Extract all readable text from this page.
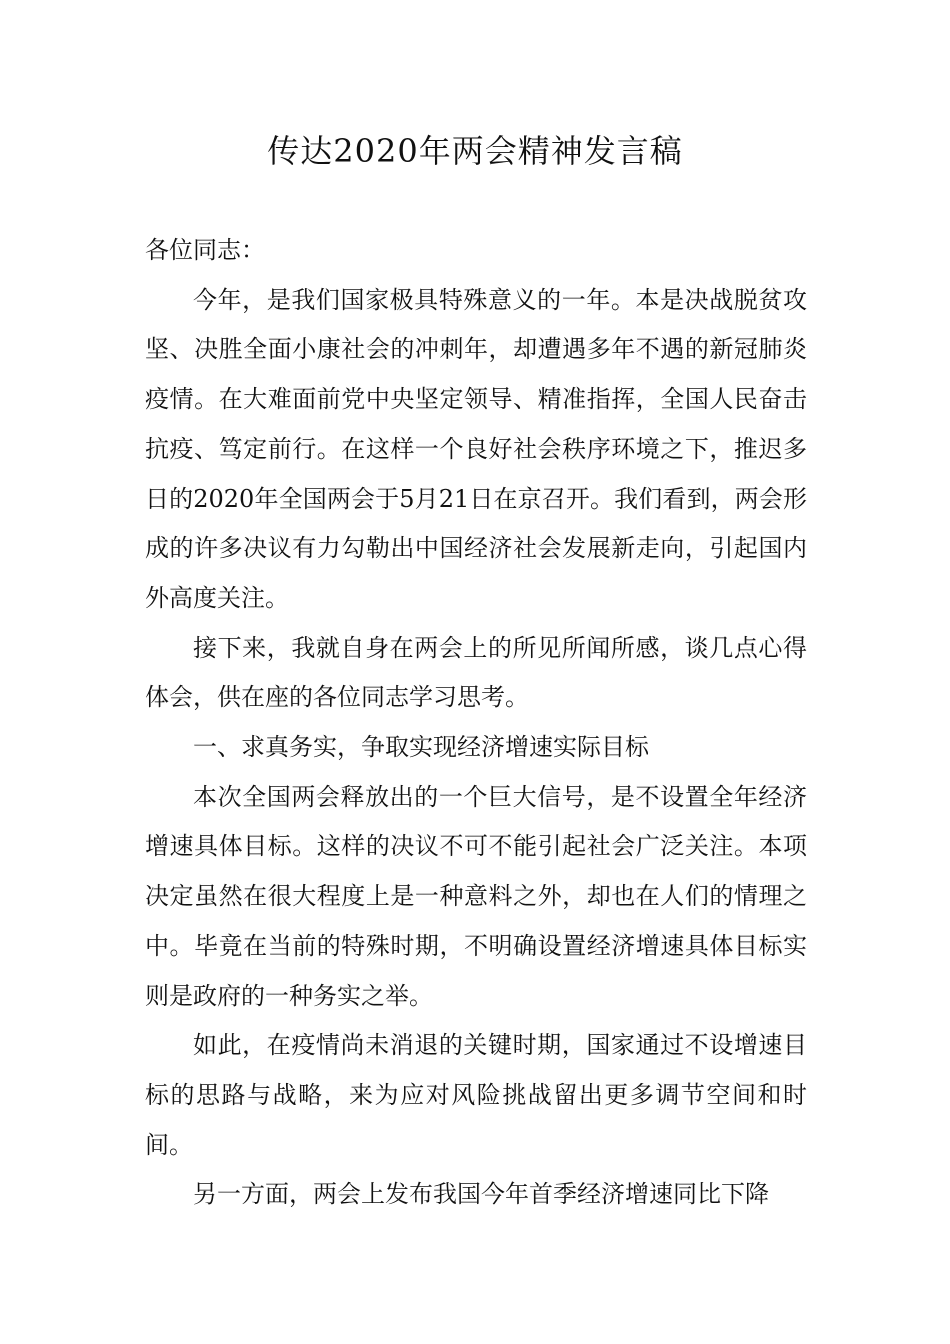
传达2020年两会精神发言稿

各位同志：

今年，是我们国家极具特殊意义的一年。本是决战脱贫攻坚、决胜全面小康社会的冲刺年，却遭遇多年不遇的新冠肺炎疫情。在大难面前党中央坚定领导、精准指挥，全国人民奋击抗疫、笃定前行。在这样一个良好社会秩序环境之下，推迟多日的2020年全国两会于5月21日在京召开。我们看到，两会形成的许多决议有力勾勒出中国经济社会发展新走向，引起国内外高度关注。

接下来，我就自身在两会上的所见所闻所感，谈几点心得体会，供在座的各位同志学习思考。

一、求真务实，争取实现经济增速实际目标

本次全国两会释放出的一个巨大信号，是不设置全年经济增速具体目标。这样的决议不可不能引起社会广泛关注。本项决定虽然在很大程度上是一种意料之外，却也在人们的情理之中。毕竟在当前的特殊时期，不明确设置经济增速具体目标实则是政府的一种务实之举。

如此，在疫情尚未消退的关键时期，国家通过不设增速目标的思路与战略，来为应对风险挑战留出更多调节空间和时间。

另一方面，两会上发布我国今年首季经济增速同比下降
